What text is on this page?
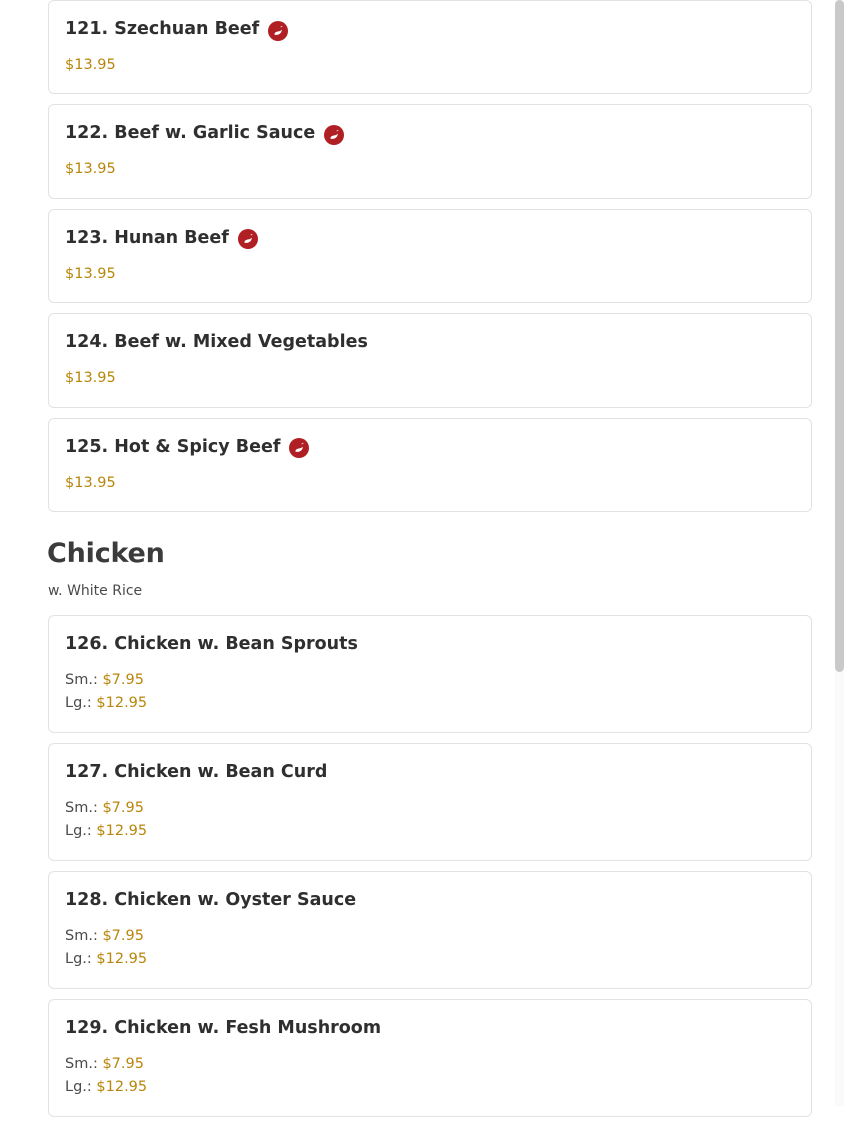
121. Szechuan Beef
$13.95
122. Beef w. Garlic Sauce
$13.95
123. Hunan Beef
$13.95
124. Beef w. Mixed Vegetables
$13.95
125. Hot & Spicy Beef
$13.95
Chicken
w. White Rice
126. Chicken w. Bean Sprouts
Sm.: $7.95
Lg.: $12.95
127. Chicken w. Bean Curd
Sm.: $7.95
Lg.: $12.95
128. Chicken w. Oyster Sauce
Sm.: $7.95
Lg.: $12.95
129. Chicken w. Fesh Mushroom
Sm.: $7.95
Lg.: $12.95
